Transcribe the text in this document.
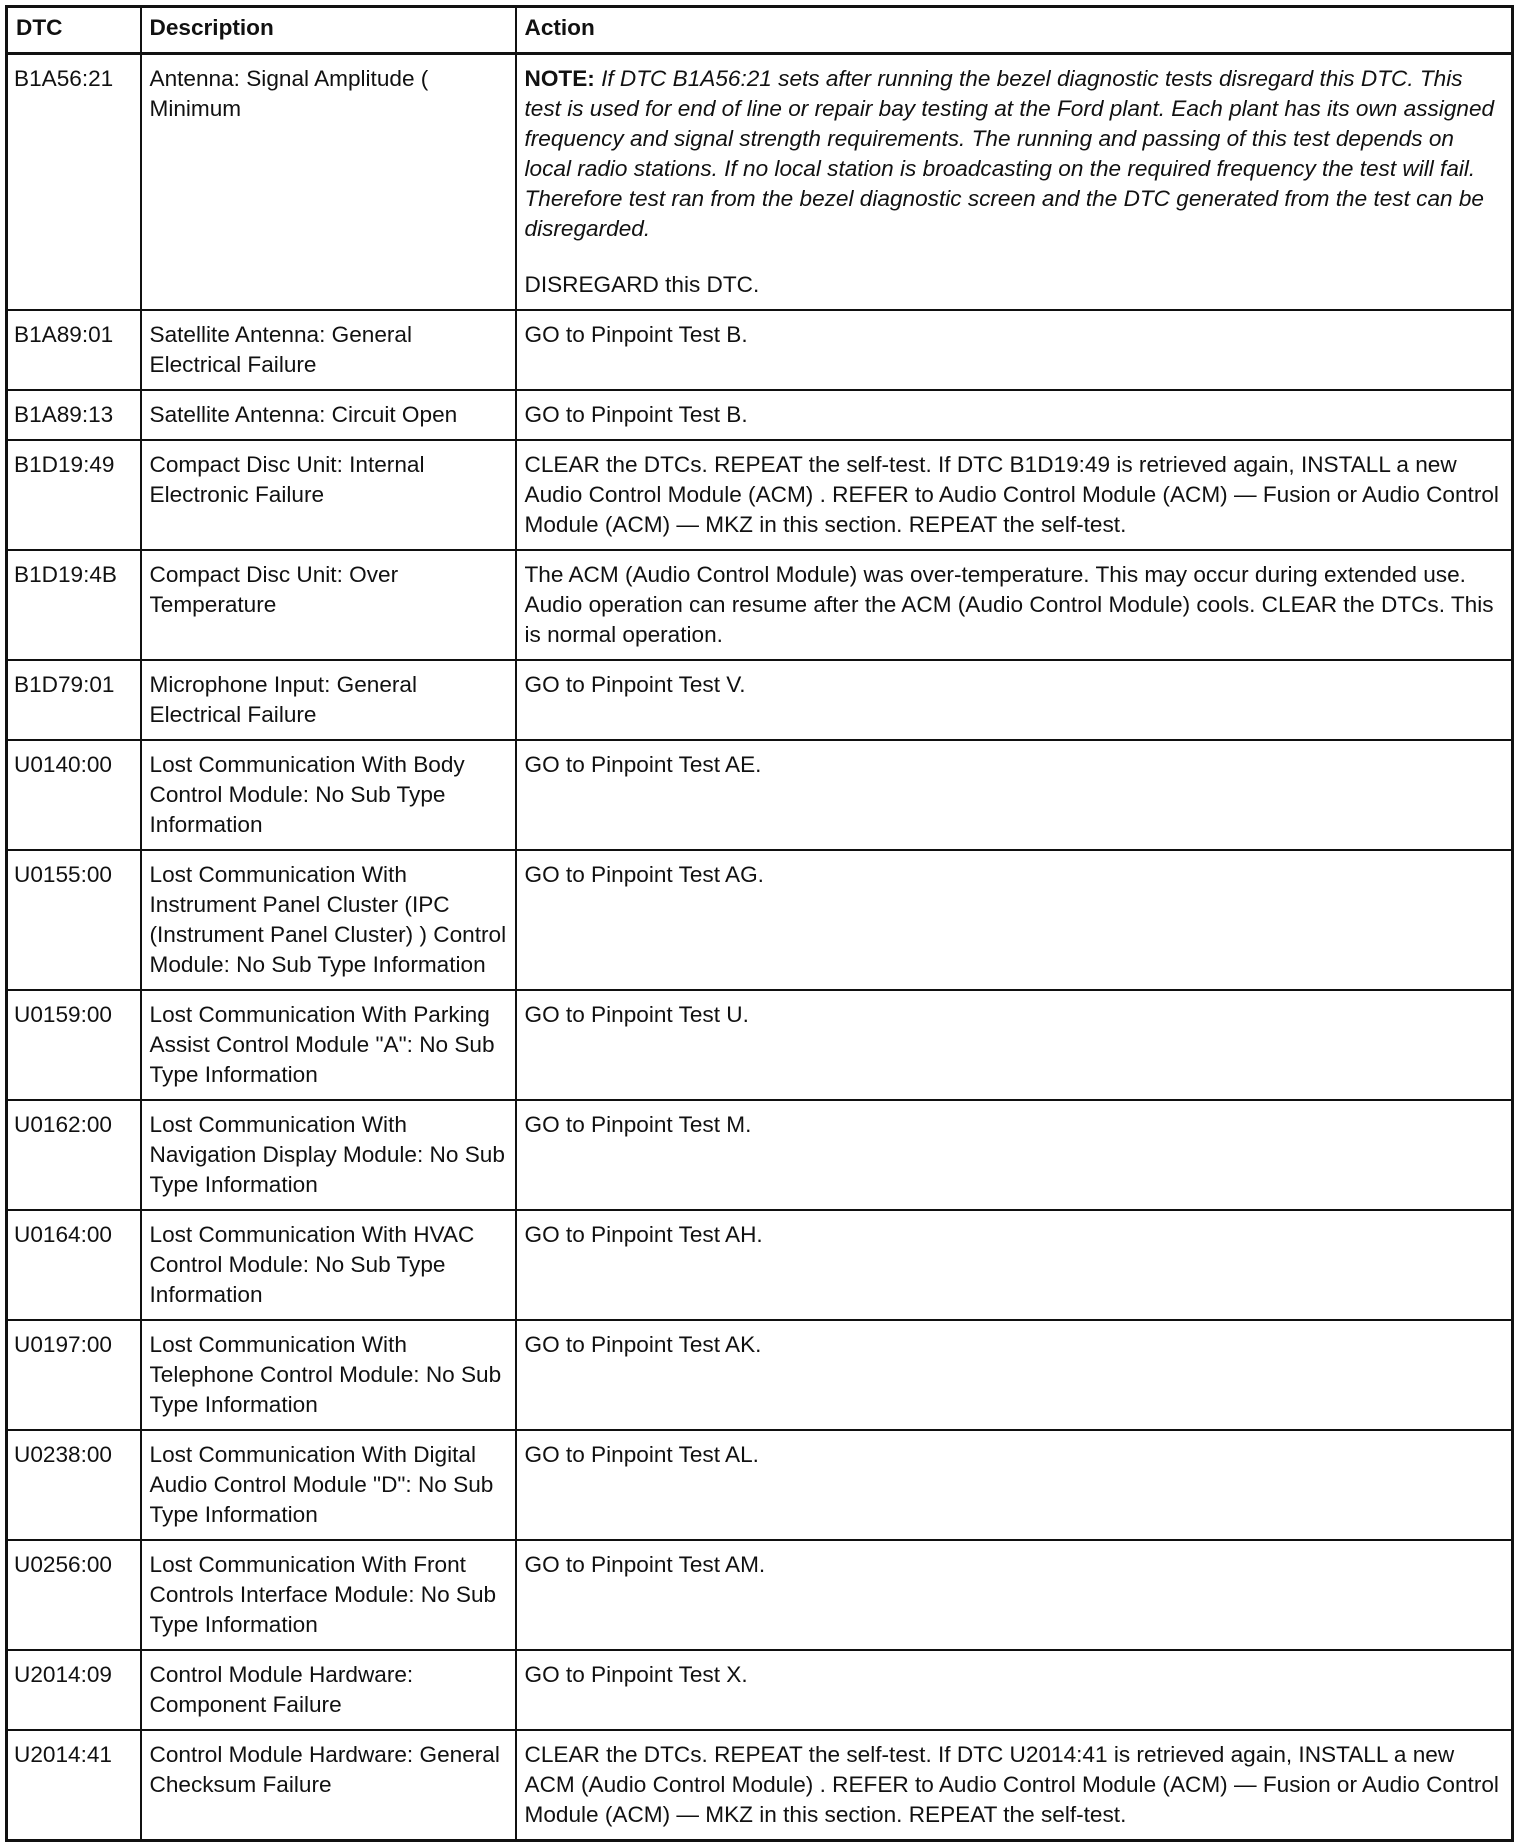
DTC	Description	Action
B1A56:21	Antenna: Signal Amplitude ( Minimum	NOTE: If DTC B1A56:21 sets after running the bezel diagnostic tests disregard this DTC. This test is used for end of line or repair bay testing at the Ford plant. Each plant has its own assigned frequency and signal strength requirements. The running and passing of this test depends on local radio stations. If no local station is broadcasting on the required frequency the test will fail. Therefore test ran from the bezel diagnostic screen and the DTC generated from the test can be disregarded.

DISREGARD this DTC.

B1A89:01	Satellite Antenna: General Electrical Failure	GO to Pinpoint Test B.
B1A89:13	Satellite Antenna: Circuit Open	GO to Pinpoint Test B.
B1D19:49	Compact Disc Unit: Internal Electronic Failure	CLEAR the DTCs. REPEAT the self-test. If DTC B1D19:49 is retrieved again, INSTALL a new Audio Control Module (ACM) . REFER to Audio Control Module (ACM) — Fusion or Audio Control Module (ACM) — MKZ in this section. REPEAT the self-test.
B1D19:4B	Compact Disc Unit: Over Temperature	The ACM (Audio Control Module) was over-temperature. This may occur during extended use. Audio operation can resume after the ACM (Audio Control Module) cools. CLEAR the DTCs. This is normal operation.
B1D79:01	Microphone Input: General Electrical Failure	GO to Pinpoint Test V.
U0140:00	Lost Communication With Body Control Module: No Sub Type Information	GO to Pinpoint Test AE.
U0155:00	Lost Communication With Instrument Panel Cluster (IPC (Instrument Panel Cluster) ) Control Module: No Sub Type Information	GO to Pinpoint Test AG.
U0159:00	Lost Communication With Parking Assist Control Module "A": No Sub Type Information	GO to Pinpoint Test U.
U0162:00	Lost Communication With Navigation Display Module: No Sub Type Information	GO to Pinpoint Test M.
U0164:00	Lost Communication With HVAC Control Module: No Sub Type Information	GO to Pinpoint Test AH.
U0197:00	Lost Communication With Telephone Control Module: No Sub Type Information	GO to Pinpoint Test AK.
U0238:00	Lost Communication With Digital Audio Control Module "D": No Sub Type Information	GO to Pinpoint Test AL.
U0256:00	Lost Communication With Front Controls Interface Module: No Sub Type Information	GO to Pinpoint Test AM.
U2014:09	Control Module Hardware: Component Failure	GO to Pinpoint Test X.
U2014:41	Control Module Hardware: General Checksum Failure	CLEAR the DTCs. REPEAT the self-test. If DTC U2014:41 is retrieved again, INSTALL a new ACM (Audio Control Module) . REFER to Audio Control Module (ACM) — Fusion or Audio Control Module (ACM) — MKZ in this section. REPEAT the self-test.
